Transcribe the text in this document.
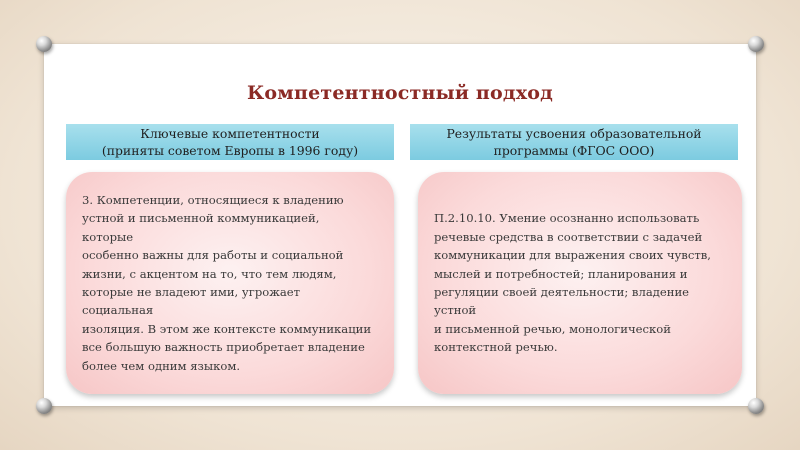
Компетентностный подход
Ключевые компетентности
(приняты советом Европы в 1996 году)
Результаты усвоения образовательной
программы (ФГОС ООО)

3. Компетенции, относящиеся к владению
устной и письменной коммуникацией, которые
особенно важны для работы и социальной
жизни, с акцентом на то, что тем людям,
которые не владеют ими, угрожает социальная
изоляция. В этом же контексте коммуникации
все большую важность приобретает владение
более чем одним языком.

П.2.10.10. Умение осознанно использовать
речевые средства в соответствии с задачей
коммуникации для выражения своих чувств,
мыслей и потребностей; планирования и
регуляции своей деятельности; владение устной
и письменной речью, монологической
контекстной речью.
